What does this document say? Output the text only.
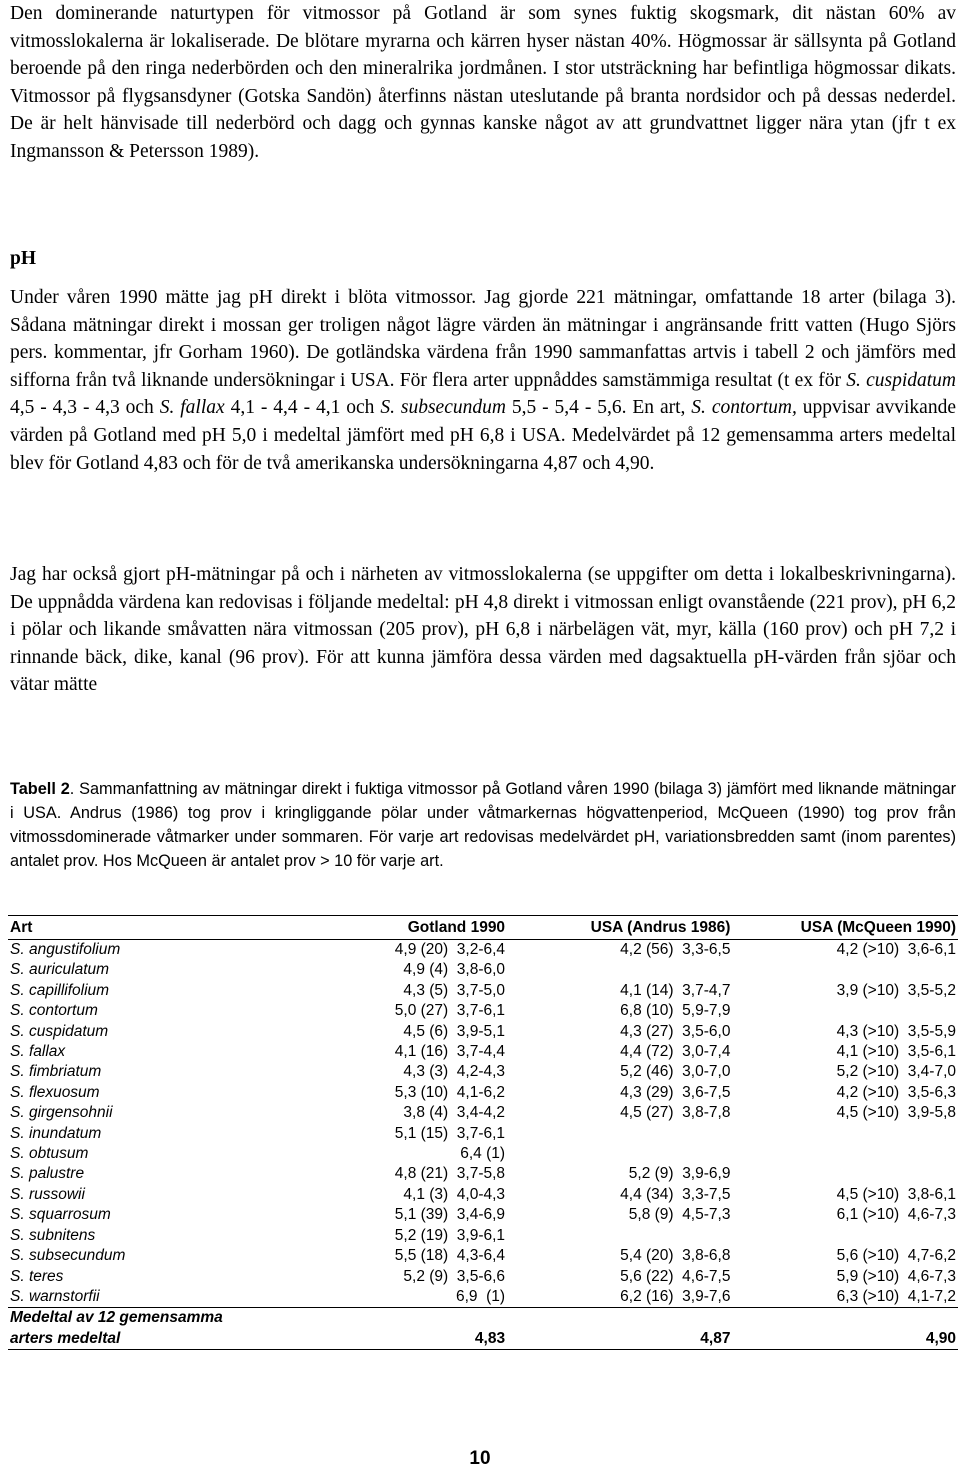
Den dominerande naturtypen för vitmossor på Gotland är som synes fuktig skogsmark, dit nästan 60% av vitmosslokalerna är lokaliserade. De blötare myrarna och kärren hyser nästan 40%. Högmossar är sällsynta på Gotland beroende på den ringa nederbörden och den mineralrika jordmånen. I stor utsträckning har befintliga högmossar dikats. Vitmossor på flygsansdyner (Gotska Sandön) återfinns nästan uteslutande på branta nordsidor och på dessas nederdel. De är helt hänvisade till nederbörd och dagg och gynnas kanske något av att grundvattnet ligger nära ytan (jfr t ex Ingmansson & Petersson 1989).

pH

Under våren 1990 mätte jag pH direkt i blöta vitmossor. Jag gjorde 221 mätningar, omfattande 18 arter (bilaga 3). Sådana mätningar direkt i mossan ger troligen något lägre värden än mätningar i angränsande fritt vatten (Hugo Sjörs pers. kommentar, jfr Gorham 1960). De gotländska värdena från 1990 sammanfattas artvis i tabell 2 och jämförs med sifforna från två liknande undersökningar i USA. För flera arter uppnåddes samstämmiga resultat (t ex för S. cuspidatum 4,5 - 4,3 - 4,3 och S. fallax 4,1 - 4,4 - 4,1 och S. subsecundum 5,5 - 5,4 - 5,6. En art, S. contortum, uppvisar avvikande värden på Gotland med pH 5,0 i medeltal jämfört med pH 6,8 i USA. Medelvärdet på 12 gemensamma arters medeltal blev för Gotland 4,83 och för de två amerikanska undersökningarna 4,87 och 4,90.

Jag har också gjort pH-mätningar på och i närheten av vitmosslokalerna (se uppgifter om detta i lokalbeskrivningarna). De uppnådda värdena kan redovisas i följande medeltal: pH 4,8 direkt i vitmossan enligt ovanstående (221 prov), pH 6,2 i pölar och likande småvatten nära vitmossan (205 prov), pH 6,8 i närbelägen vät, myr, källa (160 prov) och pH 7,2 i rinnande bäck, dike, kanal (96 prov). För att kunna jämföra dessa värden med dagsaktuella pH-värden från sjöar och vätar mätte

Tabell 2. Sammanfattning av mätningar direkt i fuktiga vitmossor på Gotland våren 1990 (bilaga 3) jämfört med liknande mätningar i USA. Andrus (1986) tog prov i kringliggande pölar under våtmarkernas högvattenperiod, McQueen (1990) tog prov från vitmossdominerade våtmarker under sommaren. För varje art redovisas medelvärdet pH, variationsbredden samt (inom parentes) antalet prov. Hos McQueen är antalet prov > 10 för varje art.

Art	Gotland 1990	USA (Andrus 1986)	USA (McQueen 1990)
S. angustifolium	4,9 (20)  3,2-6,4	4,2 (56)  3,3-6,5	4,2 (>10)  3,6-6,1
S. auriculatum	4,9 (4)  3,8-6,0		
S. capillifolium	4,3 (5)  3,7-5,0	4,1 (14)  3,7-4,7	3,9 (>10)  3,5-5,2
S. contortum	5,0 (27)  3,7-6,1	6,8 (10)  5,9-7,9	
S. cuspidatum	4,5 (6)  3,9-5,1	4,3 (27)  3,5-6,0	4,3 (>10)  3,5-5,9
S. fallax	4,1 (16)  3,7-4,4	4,4 (72)  3,0-7,4	4,1 (>10)  3,5-6,1
S. fimbriatum	4,3 (3)  4,2-4,3	5,2 (46)  3,0-7,0	5,2 (>10)  3,4-7,0
S. flexuosum	5,3 (10)  4,1-6,2	4,3 (29)  3,6-7,5	4,2 (>10)  3,5-6,3
S. girgensohnii	3,8 (4)  3,4-4,2	4,5 (27)  3,8-7,8	4,5 (>10)  3,9-5,8
S. inundatum	5,1 (15)  3,7-6,1		
S. obtusum	6,4 (1)		
S. palustre	4,8 (21)  3,7-5,8	5,2 (9)  3,9-6,9	
S. russowii	4,1 (3)  4,0-4,3	4,4 (34)  3,3-7,5	4,5 (>10)  3,8-6,1
S. squarrosum	5,1 (39)  3,4-6,9	5,8 (9)  4,5-7,3	6,1 (>10)  4,6-7,3
S. subnitens	5,2 (19)  3,9-6,1		
S. subsecundum	5,5 (18)  4,3-6,4	5,4 (20)  3,8-6,8	5,6 (>10)  4,7-6,2
S. teres	5,2 (9)  3,5-6,6	5,6 (22)  4,6-7,5	5,9 (>10)  4,6-7,3
S. warnstorfii	6,9  (1)	6,2 (16)  3,9-7,6	6,3 (>10)  4,1-7,2
Medeltal av 12 gemensamma			
arters medeltal	4,83	4,87	4,90
10
